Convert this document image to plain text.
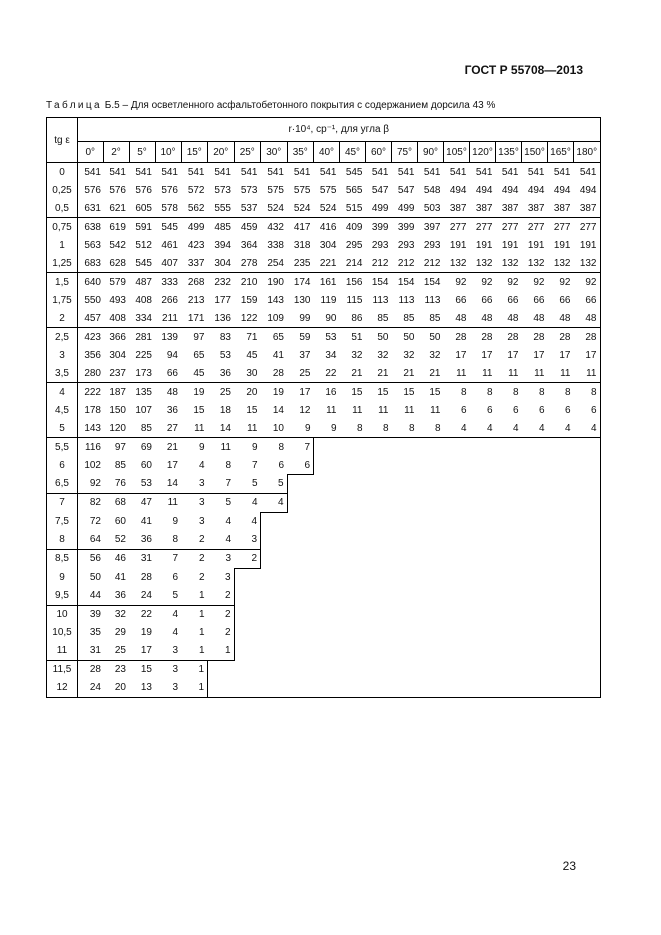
ГОСТ Р 55708—2013
Таблица Б.5 – Для осветленного асфальтобетонного покрытия с содержанием дорсила 43 %
tg ε	r·10⁴, ср⁻¹, для угла β																			
	0°	2°	5°	10°	15°	20°	25°	30°	35°	40°	45°	60°	75°	90°	105°	120°	135°	150°	165°	180°
0	541	541	541	541	541	541	541	541	541	541	545	541	541	541	541	541	541	541	541	541
0,25	576	576	576	576	572	573	573	575	575	575	565	547	547	548	494	494	494	494	494	494
0,5	631	621	605	578	562	555	537	524	524	524	515	499	499	503	387	387	387	387	387	387
0,75	638	619	591	545	499	485	459	432	417	416	409	399	399	397	277	277	277	277	277	277
1	563	542	512	461	423	394	364	338	318	304	295	293	293	293	191	191	191	191	191	191
1,25	683	628	545	407	337	304	278	254	235	221	214	212	212	212	132	132	132	132	132	132
1,5	640	579	487	333	268	232	210	190	174	161	156	154	154	154	92	92	92	92	92	92
1,75	550	493	408	266	213	177	159	143	130	119	115	113	113	113	66	66	66	66	66	66
2	457	408	334	211	171	136	122	109	99	90	86	85	85	85	48	48	48	48	48	48
2,5	423	366	281	139	97	83	71	65	59	53	51	50	50	50	28	28	28	28	28	28
3	356	304	225	94	65	53	45	41	37	34	32	32	32	32	17	17	17	17	17	17
3,5	280	237	173	66	45	36	30	28	25	22	21	21	21	21	11	11	11	11	11	11
4	222	187	135	48	19	25	20	19	17	16	15	15	15	15	8	8	8	8	8	8
4,5	178	150	107	36	15	18	15	14	12	11	11	11	11	11	6	6	6	6	6	6
5	143	120	85	27	11	14	11	10	9	9	8	8	8	8	4	4	4	4	4	4
5,5	116	97	69	21	9	11	9	8	7											
6	102	85	60	17	4	8	7	6	6											
6,5	92	76	53	14	3	7	5	5												
7	82	68	47	11	3	5	4	4												
7,5	72	60	41	9	3	4	4													
8	64	52	36	8	2	4	3													
8,5	56	46	31	7	2	3	2													
9	50	41	28	6	2	3														
9,5	44	36	24	5	1	2														
10	39	32	22	4	1	2														
10,5	35	29	19	4	1	2														
11	31	25	17	3	1	1														
11,5	28	23	15	3	1															
12	24	20	13	3	1															
23
